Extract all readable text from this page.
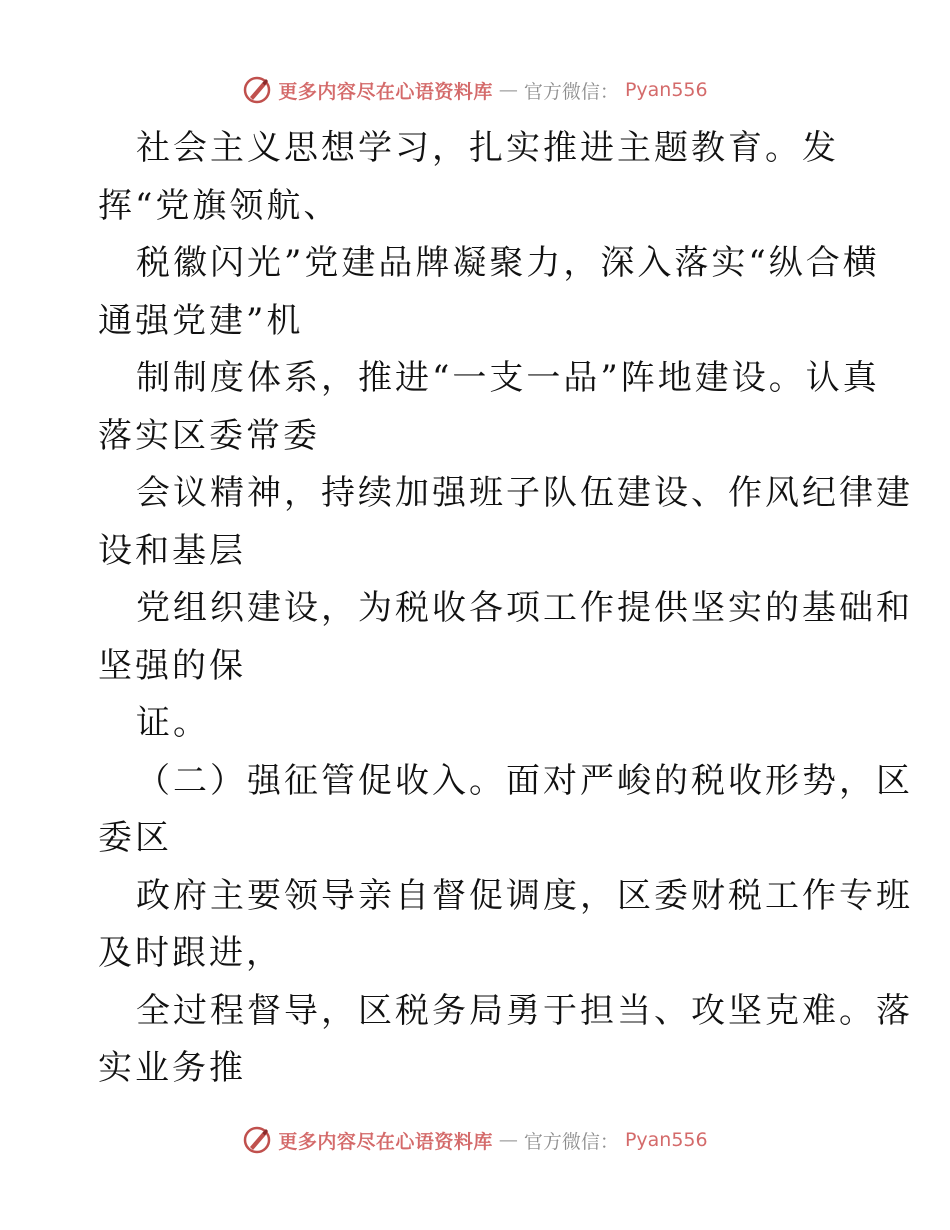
更多内容尽在心语资料库 — 官方微信： Pyan556
社会主义思想学习，扎实推进主题教育。发
挥“党旗领航、
税徽闪光”党建品牌凝聚力，深入落实“纵合横
通强党建”机
制制度体系，推进“一支一品”阵地建设。认真
落实区委常委
会议精神，持续加强班子队伍建设、作风纪律建
设和基层
党组织建设，为税收各项工作提供坚实的基础和
坚强的保
证。
（二）强征管促收入。面对严峻的税收形势，区
委区
政府主要领导亲自督促调度，区委财税工作专班
及时跟进，
全过程督导，区税务局勇于担当、攻坚克难。落
实业务推
更多内容尽在心语资料库 — 官方微信： Pyan556
